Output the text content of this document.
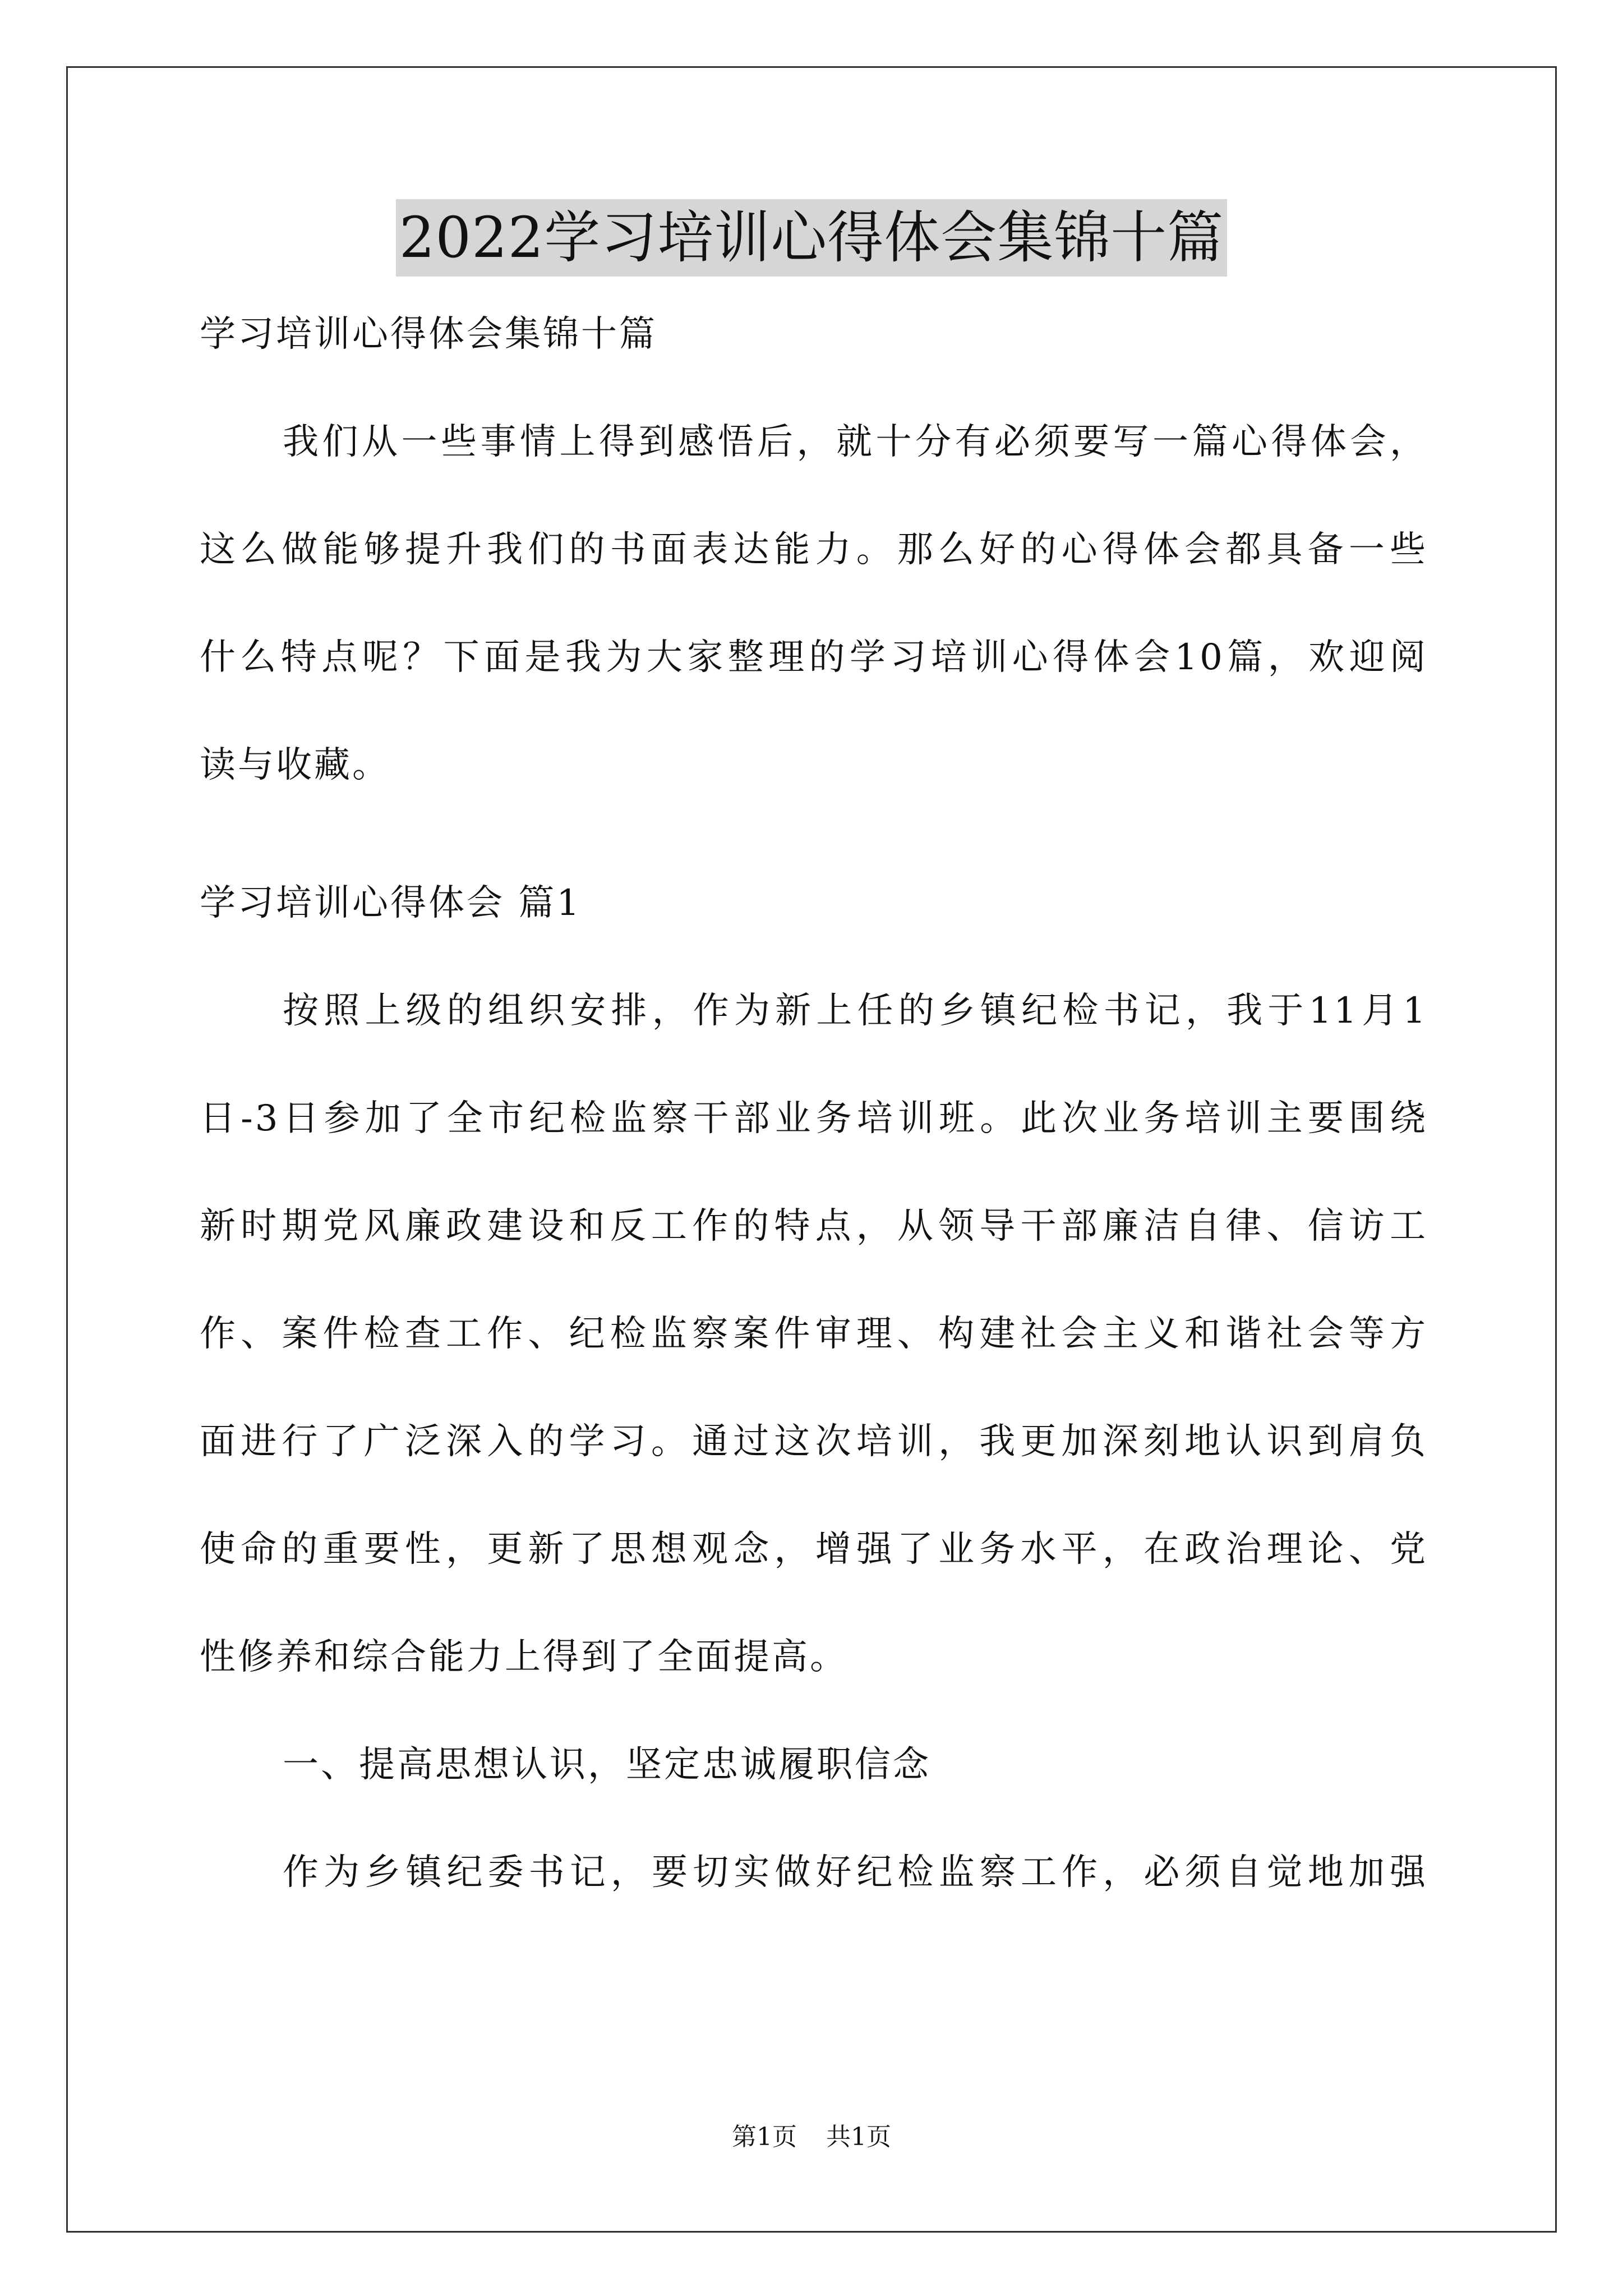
2022学习培训心得体会集锦十篇
学习培训心得体会集锦十篇
我们从一些事情上得到感悟后，就十分有必须要写一篇心得体会，
这么做能够提升我们的书面表达能力。那么好的心得体会都具备一些
什么特点呢？下面是我为大家整理的学习培训心得体会10篇，欢迎阅
读与收藏。
学习培训心得体会 篇1
按照上级的组织安排，作为新上任的乡镇纪检书记，我于11月1
日-3日参加了全市纪检监察干部业务培训班。此次业务培训主要围绕
新时期党风廉政建设和反工作的特点，从领导干部廉洁自律、信访工
作、案件检查工作、纪检监察案件审理、构建社会主义和谐社会等方
面进行了广泛深入的学习。通过这次培训，我更加深刻地认识到肩负
使命的重要性，更新了思想观念，增强了业务水平，在政治理论、党
性修养和综合能力上得到了全面提高。
一、提高思想认识，坚定忠诚履职信念
作为乡镇纪委书记，要切实做好纪检监察工作，必须自觉地加强
第1页 共1页
